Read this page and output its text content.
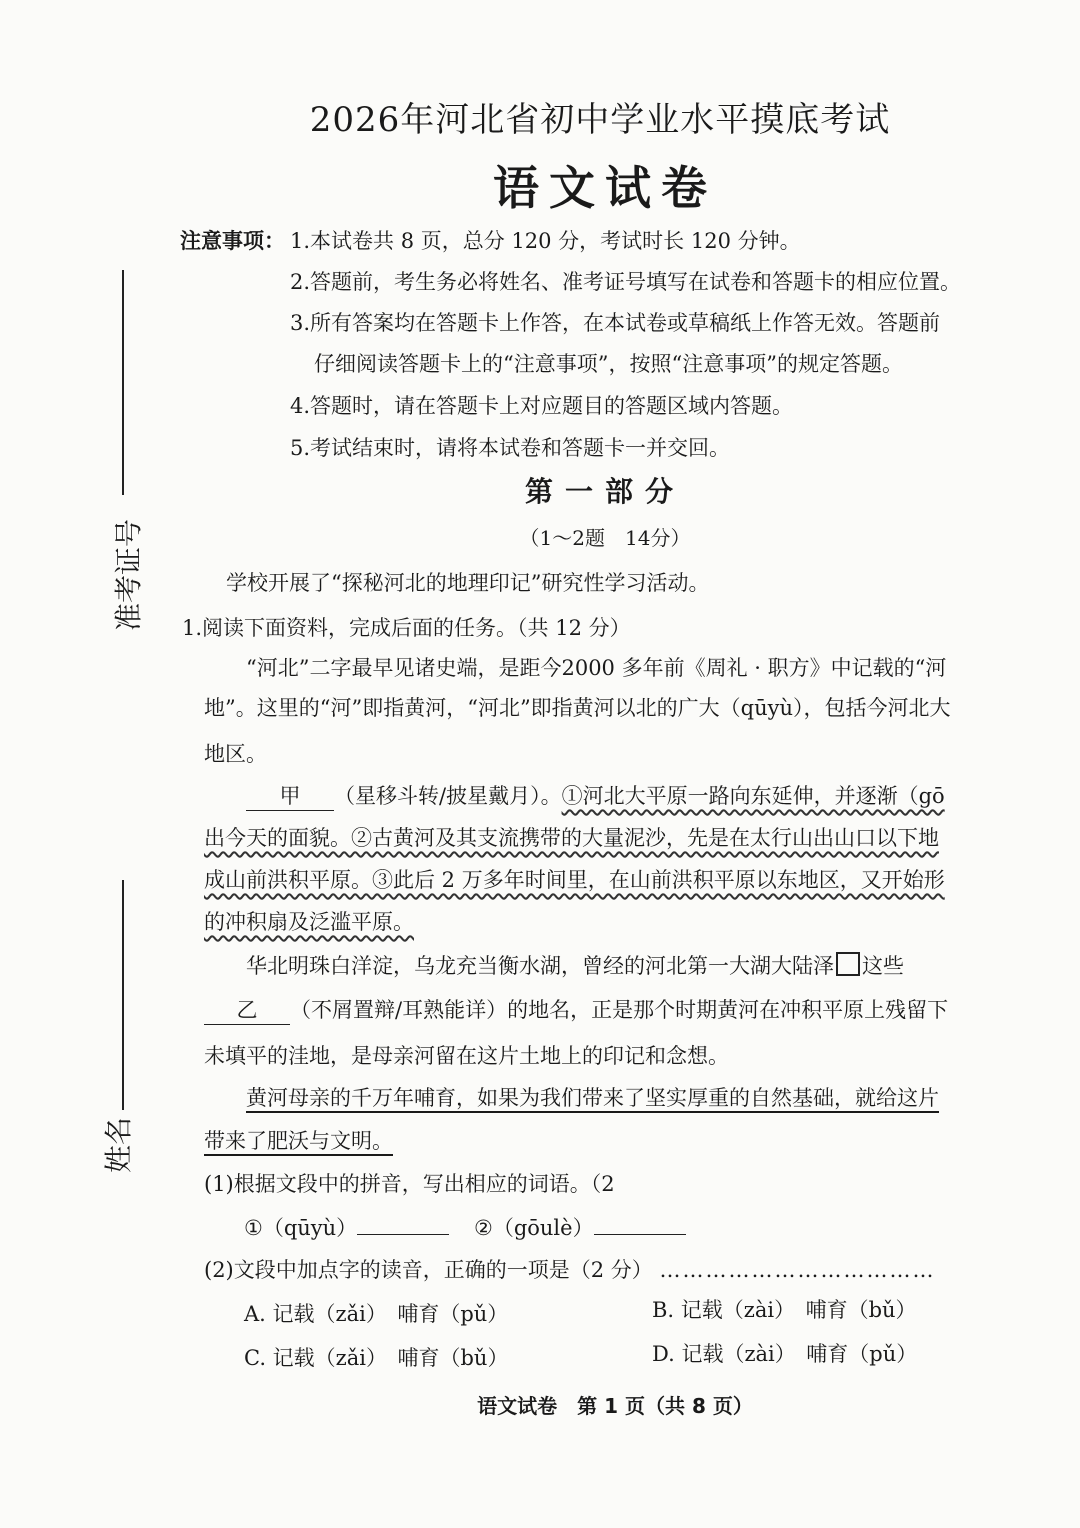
准考证号
姓名
2026年河北省初中学业水平摸底考试
语文试卷
注意事项： 1.本试卷共 8 页，总分 120 分，考试时长 120 分钟。
2.答题前，考生务必将姓名、准考证号填写在试卷和答题卡的相应位置。
3.所有答案均在答题卡上作答，在本试卷或草稿纸上作答无效。答题前
仔细阅读答题卡上的“注意事项”，按照“注意事项”的规定答题。
4.答题时，请在答题卡上对应题目的答题区域内答题。
5.考试结束时，请将本试卷和答题卡一并交回。
第一部分
（1～2题　14分）
学校开展了“探秘河北的地理印记”研究性学习活动。
1.阅读下面资料，完成后面的任务。（共 12 分）
“河北”二字最早见诸史端，是距今2000 多年前《周礼 · 职方》中记载的“河
地”。这里的“河”即指黄河，“河北”即指黄河以北的广大（qūyù），包括今河北大
地区。
甲 （星移斗转/披星戴月）。①河北大平原一路向东延伸，并逐渐（gō
出今天的面貌。②古黄河及其支流携带的大量泥沙，先是在太行山出山口以下地
成山前洪积平原。③此后 2 万多年时间里，在山前洪积平原以东地区，又开始形
的冲积扇及泛滥平原。
华北明珠白洋淀，乌龙充当衡水湖，曾经的河北第一大湖大陆泽 这些
乙 （不屑置辩/耳熟能详）的地名，正是那个时期黄河在冲积平原上残留下
未填平的洼地，是母亲河留在这片土地上的印记和念想。
黄河母亲的千万年哺育，如果为我们带来了坚实厚重的自然基础，就给这片
带来了肥沃与文明。
(1)根据文段中的拼音，写出相应的词语。（2
①（qūyù）	②（gōulè）
(2)文段中加点字的读音，正确的一项是（2 分） ………………………………
A. 记载（zǎi）　 哺育（pǔ）	B. 记载（zài）　 哺育（bǔ）
C. 记载（zǎi）　 哺育（bǔ）	D. 记载（zài）　 哺育（pǔ）
语文试卷　第 1 页（共 8 页）
